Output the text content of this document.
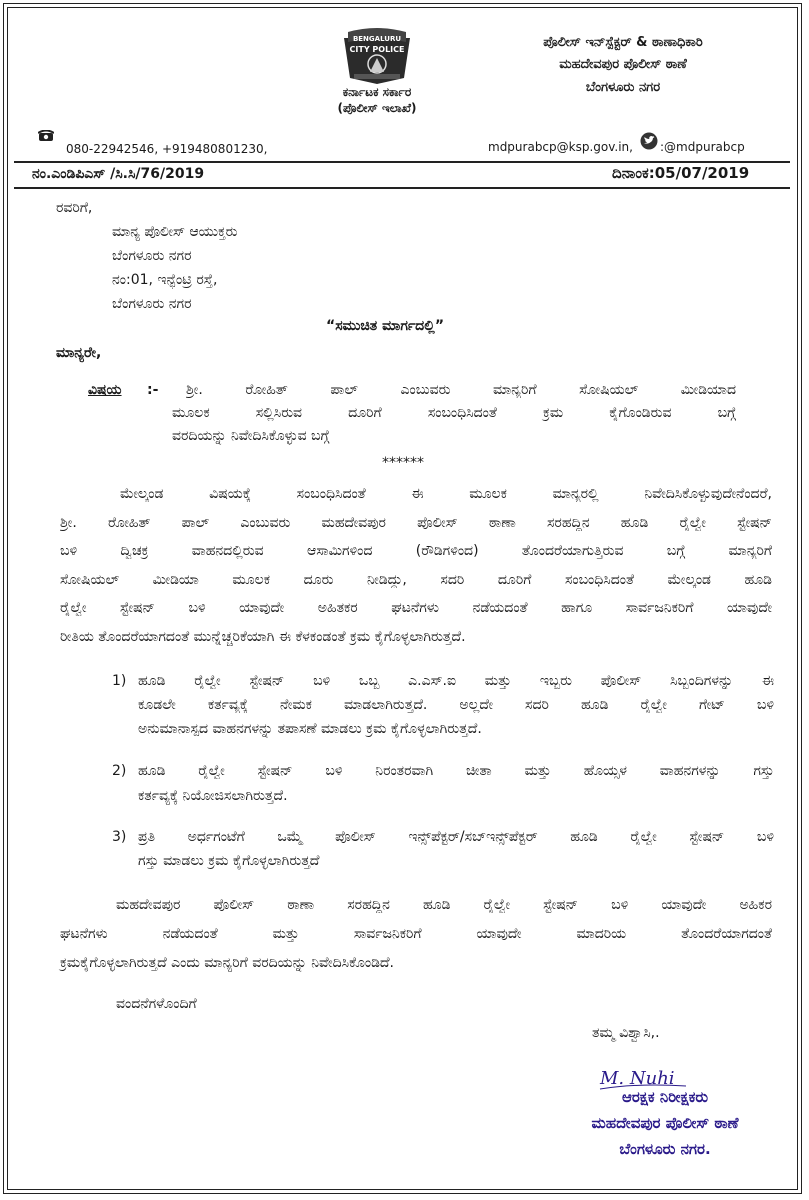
BENGALURU
CITY POLICE
ಕರ್ನಾಟಕ ಸರ್ಕಾರ
(ಪೊಲೀಸ್ ಇಲಾಖೆ)
ಪೊಲೀಸ್ ಇನ್‌ಸ್ಪೆಕ್ಟರ್ & ಠಾಣಾಧಿಕಾರಿ
ಮಹದೇವಪುರ ಪೊಲೀಸ್ ಠಾಣೆ
ಬೆಂಗಳೂರು ನಗರ
080-22942546, +919480801230,	mdpurabcp@ksp.gov.in, :@mdpurabcp
ನಂ.ಎಂಡಿಪಿಎಸ್ /ಸಿ.ಸಿ/76/2019	ದಿನಾಂಕ:05/07/2019
ರವರಿಗೆ,
ಮಾನ್ಯ ಪೊಲೀಸ್ ಆಯುಕ್ತರು
ಬೆಂಗಳೂರು ನಗರ
ನಂ:01, ಇನ್ಫೆಂಟ್ರಿ ರಸ್ತೆ,
ಬೆಂಗಳೂರು ನಗರ
“ಸಮುಚಿತ ಮಾರ್ಗದಲ್ಲಿ”
ಮಾನ್ಯರೇ,
ವಿಷಯ :- ಶ್ರೀ. ರೋಹಿತ್ ಪಾಲ್ ಎಂಬುವರು ಮಾನ್ಯರಿಗೆ ಸೋಷಿಯಲ್ ಮೀಡಿಯಾದ
ಮೂಲಕ ಸಲ್ಲಿಸಿರುವ ದೂರಿಗೆ ಸಂಬಂಧಿಸಿದಂತೆ ಕ್ರಮ ಕೈಗೊಂಡಿರುವ ಬಗ್ಗೆ
ವರದಿಯನ್ನು ನಿವೇದಿಸಿಕೊಳ್ಳುವ ಬಗ್ಗೆ
******
ಮೇಲ್ಕಂಡ ವಿಷಯಕ್ಕೆ ಸಂಬಂಧಿಸಿದಂತೆ ಈ ಮೂಲಕ ಮಾನ್ಯರಲ್ಲಿ ನಿವೇದಿಸಿಕೊಳ್ಳುವುದೇನೆಂದರೆ,
ಶ್ರೀ. ರೋಹಿತ್ ಪಾಲ್ ಎಂಬುವರು ಮಹದೇವಪುರ ಪೊಲೀಸ್ ಠಾಣಾ ಸರಹದ್ದಿನ ಹೂಡಿ ರೈಲ್ವೇ ಸ್ಟೇಷನ್
ಬಳಿ ದ್ವಿಚಕ್ರ ವಾಹನದಲ್ಲಿರುವ ಆಸಾಮಿಗಳಿಂದ (ರೌಡಿಗಳಿಂದ) ತೊಂದರೆಯಾಗುತ್ತಿರುವ ಬಗ್ಗೆ ಮಾನ್ಯರಿಗೆ
ಸೋಷಿಯಲ್ ಮೀಡಿಯಾ ಮೂಲಕ ದೂರು ನೀಡಿದ್ದು, ಸದರಿ ದೂರಿಗೆ ಸಂಬಂಧಿಸಿದಂತೆ ಮೇಲ್ಕಂಡ ಹೂಡಿ
ರೈಲ್ವೇ ಸ್ಟೇಷನ್ ಬಳಿ ಯಾವುದೇ ಅಹಿತಕರ ಘಟನೆಗಳು ನಡೆಯದಂತೆ ಹಾಗೂ ಸಾರ್ವಜನಿಕರಿಗೆ ಯಾವುದೇ
ರೀತಿಯ ತೊಂದರೆಯಾಗದಂತೆ ಮುನ್ನೆಚ್ಚರಿಕೆಯಾಗಿ ಈ ಕೆಳಕಂಡಂತೆ ಕ್ರಮ ಕೈಗೊಳ್ಳಲಾಗಿರುತ್ತದೆ.
1) ಹೂಡಿ ರೈಲ್ವೇ ಸ್ಟೇಷನ್ ಬಳಿ ಒಬ್ಬ ಎ.ಎಸ್.ಐ ಮತ್ತು ಇಬ್ಬರು ಪೊಲೀಸ್ ಸಿಬ್ಬಂದಿಗಳನ್ನು ಈ
ಕೂಡಲೇ ಕರ್ತವ್ಯಕ್ಕೆ ನೇಮಕ ಮಾಡಲಾಗಿರುತ್ತದೆ. ಅಲ್ಲದೇ ಸದರಿ ಹೂಡಿ ರೈಲ್ವೇ ಗೇಟ್ ಬಳಿ
ಅನುಮಾನಾಸ್ಪದ ವಾಹನಗಳನ್ನು ತಪಾಸಣೆ ಮಾಡಲು ಕ್ರಮ ಕೈಗೊಳ್ಳಲಾಗಿರುತ್ತದೆ.
2) ಹೂಡಿ ರೈಲ್ವೇ ಸ್ಟೇಷನ್ ಬಳಿ ನಿರಂತರವಾಗಿ ಚೀತಾ ಮತ್ತು ಹೊಯ್ಸಳ ವಾಹನಗಳನ್ನು ಗಸ್ತು
ಕರ್ತವ್ಯಕ್ಕೆ ನಿಯೋಜಿಸಲಾಗಿರುತ್ತದೆ.
3) ಪ್ರತಿ ಅರ್ಧಗಂಟೆಗೆ ಒಮ್ಮೆ ಪೊಲೀಸ್ ಇನ್ಸ್‌ಪೆಕ್ಟರ್/ಸಬ್‌ಇನ್ಸ್‌ಪೆಕ್ಟರ್ ಹೂಡಿ ರೈಲ್ವೇ ಸ್ಟೇಷನ್ ಬಳಿ
ಗಸ್ತು ಮಾಡಲು ಕ್ರಮ ಕೈಗೊಳ್ಳಲಾಗಿರುತ್ತದೆ
ಮಹದೇವಪುರ ಪೊಲೀಸ್ ಠಾಣಾ ಸರಹದ್ದಿನ ಹೂಡಿ ರೈಲ್ವೇ ಸ್ಟೇಷನ್ ಬಳಿ ಯಾವುದೇ ಅಹಿಕರ
ಘಟನೆಗಳು ನಡೆಯದಂತೆ ಮತ್ತು ಸಾರ್ವಜನಿಕರಿಗೆ ಯಾವುದೇ ಮಾದರಿಯ ತೊಂದರೆಯಾಗದಂತೆ
ಕ್ರಮಕೈಗೊಳ್ಳಲಾಗಿರುತ್ತದೆ ಎಂದು ಮಾನ್ಯರಿಗೆ ವರದಿಯನ್ನು ನಿವೇದಿಸಿಕೊಂಡಿದೆ.
ವಂದನೆಗಳೊಂದಿಗೆ
ತಮ್ಮ ವಿಶ್ವಾಸಿ,.
M. Nuhi
ಆರಕ್ಷಕ ನಿರೀಕ್ಷಕರು
ಮಹದೇವಪುರ ಪೊಲೀಸ್ ಠಾಣೆ
ಬೆಂಗಳೂರು ನಗರ.
